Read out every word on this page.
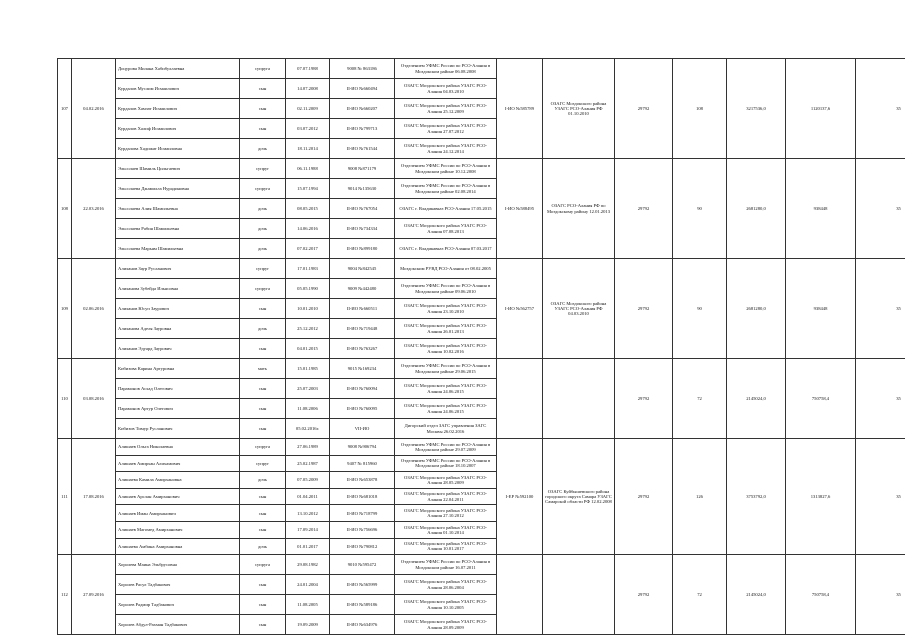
107	04.02.2016	Доцурова Милана Хабибуллаевна	супруга	07.07.1988	9008 № 863186	Отделением УФМС России по РСО-Алания в Моздокском районе 06.08.2008	I-ИО №585789	ОЗАГС Моздокского района УЗАГС РСО-Алания РФ 01.10.2010	29792	108	3217536,0	1120137,6	35
		Курдалов Муслим Исмаилович	сын	14.07.2008	II-ИО №660494	ОЗАГС Моздокского района УЗАГС РСО-Алания 04.03.2010							
		Курдалов Хамзат Исмаилович	сын	02.11.2009	II-ИО №660207	ОЗАГС Моздокского района УЗАГС РСО-Алания 25.12.2009							
		Курдалов Халиф Исмаилович	сын	03.07.2012	II-ИО №799713	ОЗАГС Моздокского района УЗАГС РСО-Алания 27.07.2012							
		Курдалова Хадижат Исмаиловна	дочь	18.11.2014	II-ИО №761544	ОЗАГС Моздокского района УЗАГС РСО-Алания 24.12.2014							
108	22.03.2016	Эльсолаев Шамиль Цильгаевич	супруг	06.11.1988	9008 №871179	Отделением УФМС России по РСО-Алания в Моздокском районе 10.12.2008	I-ИО №588495	ОЗАГС РСО-Алания РФ по Моздокскому району 12.01.2013	29792	90	2681280,0	938448	35
		Эльсолаева Джамилла Нурадиновна	супруга	15.07.1994	9014 №135630	Отделением УФМС России по РСО-Алания в Моздокском районе 02.08.2014							
		Эльсолаева Алия Шамильевна	дочь	08.05.2015	II-ИО №767054	ОЗАГС г. Владикавказ РСО-Алания 17.05.2015							
		Эльсолаева Рабия Шамильевна	дочь	14.06.2016	II-ИО №734334	ОЗАГС Моздокского района УЗАГС РСО-Алания 07.08.2013							
		Эльсолаева Марьям Шамильевна	дочь	07.02.2017	II-ИО №899180	ОЗАГС г. Владикавказ РСО-Алания 07.03.2017							
109	02.06.2016	Алиханов Заур Русланович	супруг	17.01.1983	9004 №842545	Моздокским РУВД РСО-Алания от 08.02.2005	I-ИО №562757	ОЗАГС Моздокского района УЗАГС РСО-Алания РФ 04.03.2010	29792	90	2681280,0	938448	35
		Алиханова Зубейда Ильясовна	супруга	05.05.1990	9009 №442480	Отделением УФМС России по РСО-Алания в Моздокском районе 09.06.2010							
		Алиханов Юсуп Заурович	сын	10.01.2010	II-ИО №660511	ОЗАГС Моздокского района УЗАГС РСО-Алания 23.10.2010							
		Алиханова Аделя Зауровна	дочь	25.12.2012	II-ИО №719448	ОЗАГС Моздокского района УЗАГС РСО-Алания 26.01.2013							
		Алиханов Эдуард Заурович	сын	04.01.2015	II-ИО №763267	ОЗАГС Моздокского района УЗАГС РСО-Алания 10.02.2016							
110	03.08.2016	Кибизова Карина Артуровна	мать	15.01.1985	9015 №169234	Отделением УФМС России по РСО-Алания в Моздокском районе 29.06.2015			29792	72	2145024,0	750758,4	35
		Парамонов Асхад Олегович	сын	25.07.2003	II-ИО №760094	ОЗАГС Моздокского района УЗАГС РСО-Алания 24.06.2015							
		Парамонов Артур Олегович	сын	11.08.2006	II-ИО №760095	ОЗАГС Моздокского района УЗАГС РСО-Алания 24.06.2015							
		Кибизов Тимур Русланович	сын	05.02.2016г.	VII-ИО	Дигорский отдел ЗАГС управления ЗАГС Москвы 26.02.2016							
111	17.08.2016	Алишаев Ольга Николаевна	супруга	27.06.1989	9008 №906794	Отделением УФМС России по РСО-Алания в Моздокском районе 29.07.2009	I-ЕР №592100	ОЗАГС Куйбышевского района городского округа Самара УЗАГС Самарской области РФ 12.02.2008	29792	126	3753792,0	1313827,6	35
		Алишаев Амирхан Алихамович	супруг	25.02.1987	9407 № 815960	Отделением УФМС России по РСО-Алания в Моздокском районе 18.10.2007							
		Алишаева Камила Амирхановна	дочь	07.05.2009	II-ИО №653878	ОЗАГС Моздокского района УЗАГС РСО-Алания 28.05.2009							
		Алишаев Арслан Амирханович	сын	01.04.2011	II-ИО №681018	ОЗАГС Моздокского района УЗАГС РСО-Алания 22.04.2011							
		Алишаев Иман Амирханович	сын	13.10.2012	II-ИО №718799	ОЗАГС Моздокского района УЗАГС РСО-Алания 27.10.2012							
		Алишаев Магомед Амирханович	сын	17.09.2014	II-ИО №756696	ОЗАГС Моздокского района УЗАГС РСО-Алания 01.10.2014							
		Алишаева Амбина Амирхановна	дочь	01.01.2017	II-ИО №790812	ОЗАГС Моздокского района УЗАГС РСО-Алания 10.01.2017							
112	27.09.2016	Хоролева Маина Эльбрусовна	супруга	29.08.1982	9010 №595472	Отделением УФМС России по РСО-Алания в Моздокском районе 16.07.2011			29792	72	2145024,0	750758,4	35
		Хоролев Расул Тадбакович	сын	24.01.2004	II-ИО №565999	ОЗАГС Моздокского района УЗАГС РСО-Алания 28.06.2004							
		Хоролев Радмир Тадбакович	сын	11.08.2005	II-ИО №589186	ОЗАГС Моздокского района УЗАГС РСО-Алания 10.10.2005							
		Хоролев Абдул-Рахман Тадбакович	сын	19.09.2009	II-ИО №634976	ОЗАГС Моздокского района УЗАГС РСО-Алания 28.09.2009							
